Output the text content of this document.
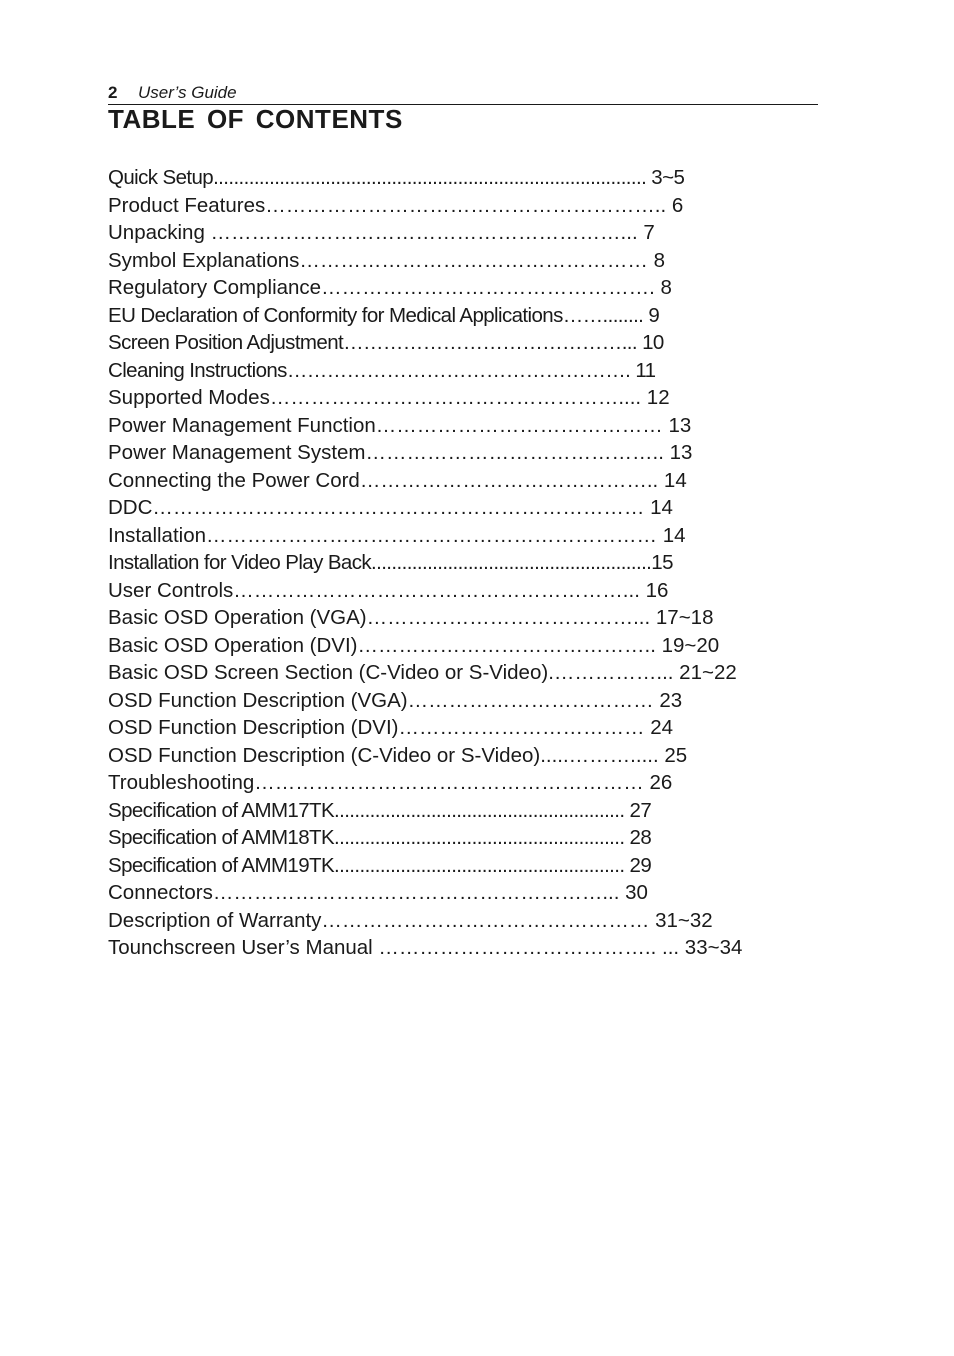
2 User’s Guide
TABLE OF CONTENTS
Quick Setup..................................................................................... 3~5
Product Features………………………………………………….. 6
Unpacking ……………………………………………………... 7
Symbol Explanations…………………………………………… 8
Regulatory Compliance…………………………………………. 8
EU Declaration of Conformity for Medical Applications……........ 9
Screen Position Adjustment……………………………………... 10
Cleaning Instructions……………………………………………. 11
Supported Modes…………………………………………….... 12
Power Management Function…………………………………… 13
Power Management System…………………………………….. 13
Connecting the Power Cord…………………………………….. 14
DDC……………………………………………………………… 14
Installation………………………………………………………… 14
Installation for Video Play Back.......................................................15
User Controls…………………………………………………... 16
Basic OSD Operation (VGA)…………………………………... 17~18
Basic OSD Operation (DVI)…………………………………….. 19~20
Basic OSD Screen Section (C-Video or S-Video).……………... 21~22
OSD Function Description (VGA)……………………………… 23
OSD Function Description (DVI)……………………………… 24
OSD Function Description (C-Video or S-Video).....………..... 25
Troubleshooting………………………………………………… 26
Specification of AMM17TK......................................................... 27
Specification of AMM18TK......................................................... 28
Specification of AMM19TK......................................................... 29
Connectors…………………………………………………... 30
Description of Warranty………………………………………… 31~32
Tounchscreen User’s Manual ………………………………….. ... 33~34
